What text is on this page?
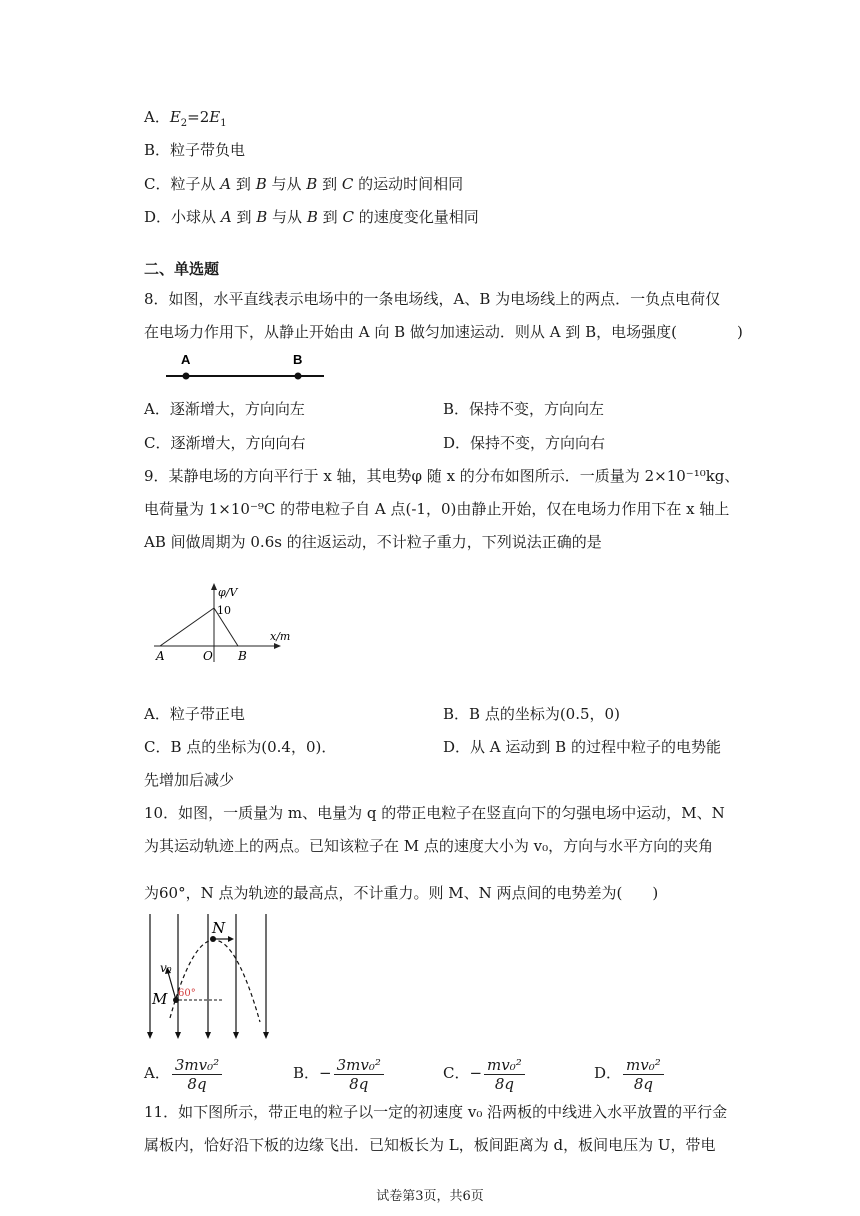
A．$E_2=2E_1$
B．粒子带负电
C．粒子从 A 到 B 与从 B 到 C 的运动时间相同
D．小球从 A 到 B 与从 B 到 C 的速度变化量相同
二、单选题
8．如图，水平直线表示电场中的一条电场线，A、B 为电场线上的两点．一负点电荷仅
在电场力作用下，从静止开始由 A 向 B 做匀加速运动．则从 A 到 B，电场强度(　　　　)
A	B
A．逐渐增大，方向向左	B．保持不变，方向向左
C．逐渐增大，方向向右	D．保持不变，方向向右
9．某静电场的方向平行于 x 轴，其电势φ 随 x 的分布如图所示．一质量为 2×10⁻¹⁰kg、
电荷量为 1×10⁻⁹C 的带电粒子自 A 点(-1，0)由静止开始，仅在电场力作用下在 x 轴上
AB 间做周期为 0.6s 的往返运动，不计粒子重力，下列说法正确的是
φ/V
10
x/m
A	O B
A．粒子带正电	B．B 点的坐标为(0.5，0)
C．B 点的坐标为(0.4，0)．	D．从 A 运动到 B 的过程中粒子的电势能
先增加后减少
10．如图，一质量为 m、电量为 q 的带正电粒子在竖直向下的匀强电场中运动，M、N
为其运动轨迹上的两点。已知该粒子在 M 点的速度大小为 v₀，方向与水平方向的夹角
为60°，N 点为轨迹的最高点，不计重力。则 M、N 两点间的电势差为(　　)
N
M
v₀
60°
A． $\frac{\text{3mv₀²}}{8q}$	B．− $\frac{\text{3mv₀²}}{8q}$	C．− $\frac{\text{mv₀²}}{8q}$	D． $\frac{\text{mv₀²}}{8q}$
11．如下图所示，带正电的粒子以一定的初速度 v₀ 沿两板的中线进入水平放置的平行金
属板内，恰好沿下板的边缘飞出．已知板长为 L，板间距离为 d，板间电压为 U，带电
试卷第3页，共6页
